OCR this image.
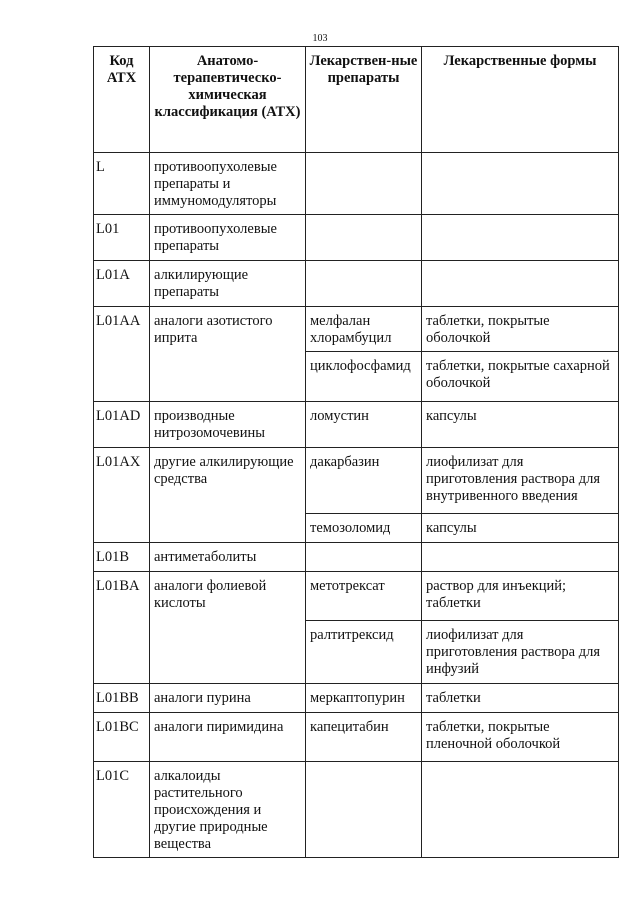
103
Код АТХ	Анатомо-терапевтическо-химическая классификация (АТХ)	Лекарствен-ные препараты	Лекарственные формы
L	противоопухолевые препараты и иммуномодуляторы		
L01	противоопухолевые препараты		
L01A	алкилирующие препараты		
L01AA	аналоги азотистого иприта	мелфалан хлорамбуцил	таблетки, покрытые оболочкой
		циклофосфамид	таблетки, покрытые сахарной оболочкой
L01AD	производные нитрозомочевины	ломустин	капсулы
L01AX	другие алкилирующие средства	дакарбазин	лиофилизат для приготовления раствора для внутривенного введения
		темозоломид	капсулы
L01B	антиметаболиты		
L01BA	аналоги фолиевой кислоты	метотрексат	раствор для инъекций; таблетки
		ралтитрексид	лиофилизат для приготовления раствора для инфузий
L01BB	аналоги пурина	меркаптопурин	таблетки
L01BC	аналоги пиримидина	капецитабин	таблетки, покрытые пленочной оболочкой
L01C	алкалоиды растительного происхождения и другие природные вещества		
